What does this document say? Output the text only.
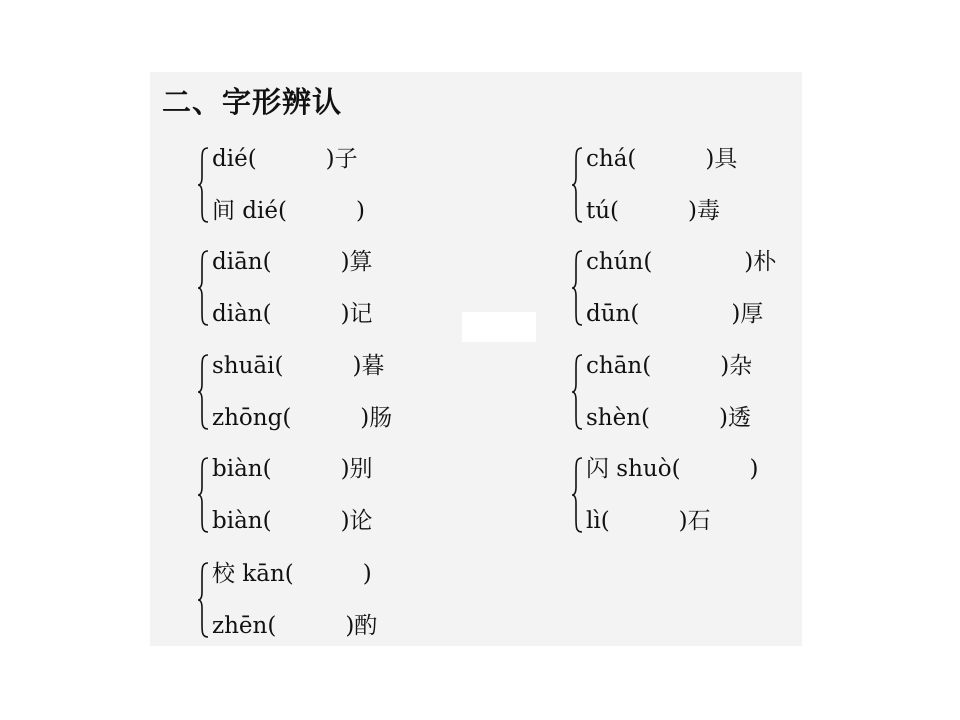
二、字形辨认
dié(　　　)子
间 dié(　　　)
diān(　　　)算
diàn(　　　)记
shuāi(　　　)暮
zhōng(　　　)肠
biàn(　　　)别
biàn(　　　)论
校 kān(　　　)
zhēn(　　　)酌
chá(　　　)具
tú(　　　)毒
chún(　　　　)朴
dūn(　　　　)厚
chān(　　　)杂
shèn(　　　)透
闪 shuò(　　　)
lì(　　　)石
